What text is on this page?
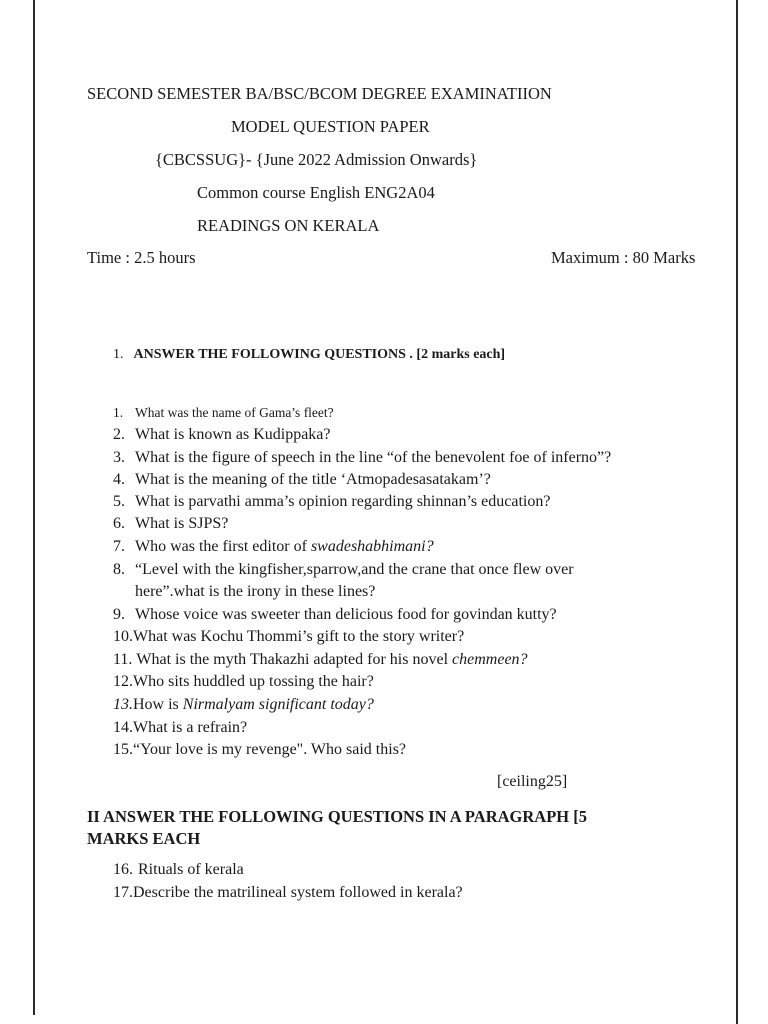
SECOND SEMESTER BA/BSC/BCOM DEGREE EXAMINATIION
MODEL QUESTION PAPER
{CBCSSUG}- {June 2022 Admission Onwards}
Common course English ENG2A04
READINGS ON KERALA
Time : 2.5 hours	Maximum : 80 Marks
1. ANSWER THE FOLLOWING QUESTIONS . [2 marks each]
1. What was the name of Gama’s fleet?
2. What is known as Kudippaka?
3. What is the figure of speech in the line “of the benevolent foe of inferno”?
4. What is the meaning of the title ‘Atmopadesasatakam’?
5. What is parvathi amma’s opinion regarding shinnan’s education?
6. What is SJPS?
7. Who was the first editor of swadeshabhimani?
8. “Level with the kingfisher,sparrow,and the crane that once flew over
here”.what is the irony in these lines?
9. Whose voice was sweeter than delicious food for govindan kutty?
10.What was Kochu Thommi’s gift to the story writer?
11. What is the myth Thakazhi adapted for his novel chemmeen?
12.Who sits huddled up tossing the hair?
13.How is Nirmalyam significant today?
14.What is a refrain?
15.“Your love is my revenge". Who said this?
[ceiling25]
II ANSWER THE FOLLOWING QUESTIONS IN A PARAGRAPH [5
MARKS EACH
16. Rituals of kerala
17.Describe the matrilineal system followed in kerala?
